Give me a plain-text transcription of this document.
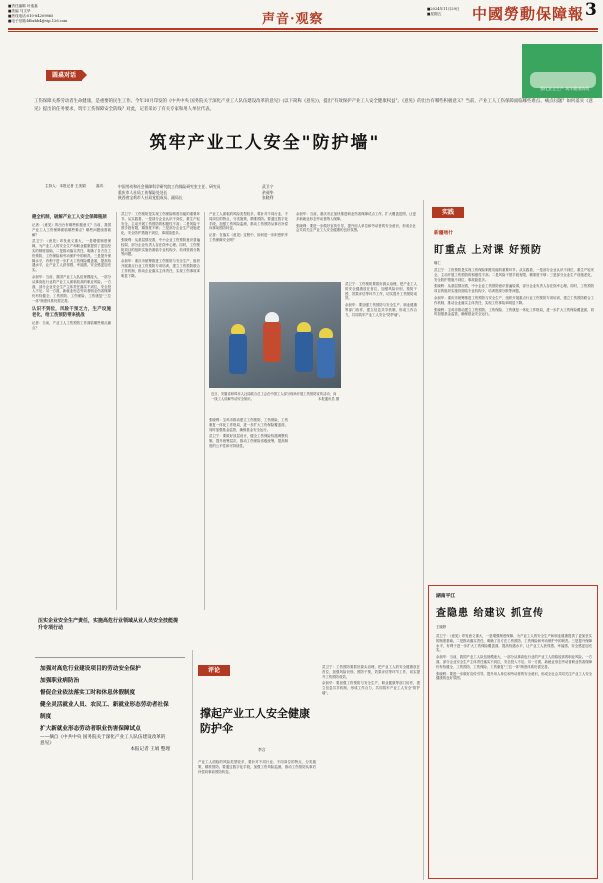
■责任编辑 叶逸嘉
■美编 马文华
■热线电话:010-84209865
■电子信箱:ldbzhb4@vip.126.com	声音·观察
■2024年11月29日
■星期五	中國勞動保障報 3
圆桌对话
强化安全生产 筑牢健康防线
工伤保障关系劳动者生命健康，是重要的民生工作。今年10月印发的《中共中央 国务院关于深化产业工人队伍建设改革的意见》(以下简称《意见》)，提出"有效保护产业工人安全健康权益"。《意见》的出台有哪些积极意义？当前，产业工人工伤保障面临哪些难点、痛点问题？如何落实《意见》提出的任务要求，筑牢工伤保障安全防线？对此，记者采访了有关专家和用人单位代表。
筑牢产业工人安全"防护墙"
主持人：本报记者 王美娟	嘉宾：	中国劳动和社会保障科学研究院工伤保险研究室主任、研究员
重庆市人社局工伤保险处处长
陕西省宝鸡市人社局党组成员、副局长
武卫宁
余昶华
张晓利
健全机制，破解产业工人安全保障瓶颈

记者：《意见》的出台有哪些积极意义？当前，我国产业工人工伤保障面临哪些难点？哪些问题亟需破解？

武卫宁：《意见》印发意义重大，一是增强制度保障，为产业工人的安全生产和职业健康提供了更加坚实的制度基础。二是推动落实责任，明确了各方在工伤预防、工伤保险和劳动保护中的职责。三是提升保障水平，有利于进一步扩大工伤保险覆盖面，提高待遇水平，让产业工人获得感、幸福感、安全感更加充实。

余昶华：当前，我国产业工人队伍规模庞大，一部分从事高危行业的产业工人面临较高的职业风险。一方面，部分企业安全生产主体责任落实不到位，安全投入不足；另一方面，新就业形态劳动者职业伤害保障仍有待健全，工伤预防、工伤保险、工伤康复"三位一体"制度体系仍需完善。

认识不到位，风险干预乏力，生产设施老化，给工伤预防带来挑战

记者：当前，产业工人工伤预防工作面临哪些难点痛点？

武卫宁：工伤预防是实现工伤保险制度功能的重要环节。从实践看，一是部分企业认识不到位，重生产轻安全，主动开展工伤预防的积极性不高；二是风险干预手段有限，精准度不够；三是部分企业生产设施老化，安全防护措施不到位，事故隐患多。

张晓利：从基层情况看，中小企业工伤预防意识普遍较弱，部分企业负责人存在侥幸心理。同时，工伤预防项目的组织实施仍面临专业机构少、培训资源分散等问题。

余昶华：重庆市统筹推进工伤预防与安全生产，组织开展重点行业工伤预防专项培训，建立工伤预防联合工作机制，推动企业落实主体责任，实现工伤事故率明显下降。

产业工人面临的风险类型较多，要针对不同行业、不同岗位的特点，分类施策，精准预防。要通过数字化手段，加强工伤风险监测，推动工伤预防从事后补偿向事前预防转变。

记者：在落实《意见》过程中，如何进一步织密织牢工伤保障安全网？

张晓利：宝鸡市推动建立工伤预防、工伤保险、工伤康复一体化工作格局，进一步扩大工伤保险覆盖面，同时加强基金监管，确保基金安全运行。

武卫宁：要做好顶层设计，健全工伤保险待遇调整机制，提升统筹层次，推动工伤保险省级统筹，提高制度的公平性和可持续性。

余昶华：当前，重庆市正加快推进职业伤害保障试点工作，扩大覆盖范围，让更多新就业形态劳动者纳入保障。

张晓利：要进一步做好宣传引导，提升用人单位和劳动者的安全意识，形成全社会共同关注产业工人安全健康的良好氛围。

武卫宁：工伤预防要抓好源头治理，把产业工人的安全健康放在首位，加强风险识别、预防干预、效果评估等环节工作，切实提升工伤预防成效。

余昶华：要加强工伤预防与安全生产、职业健康等部门协作，建立信息共享机制，形成工作合力，共同筑牢产业工人安全"防护墙"。

近日，安徽省蚌埠市人社局联合总工会在中国工人部分现场开展工伤预防宣传活动，向一线工人讲解劳动安全知识。	本报通讯员 摄
压实企业安全生产责任，实施高危行业领域从业人员安全技能提升专项行动
加强对高危行业建设项目的劳动安全保护
加强职业病防治
督促企业依法落实工时和休息休假制度
健全灵活就业人员、农民工、新就业形态劳动者社保制度
扩大新就业形态劳动者职业伤害保障试点
——摘自《中共中央 国务院关于深化产业工人队伍建设改革的意见》
本报记者 王娟 整理
评论
撑起产业工人安全健康防护伞
李言

产业工人面临的风险类型较多，要针对不同行业、不同岗位的特点，分类施策，精准预防。要通过数字化手段，加强工伤风险监测，推动工伤预防从事后补偿向事前预防转变。

武卫宁：工伤预防要抓好源头治理，把产业工人的安全健康放在首位，加强风险识别、预防干预、效果评估等环节工作，切实提升工伤预防成效。

余昶华：要加强工伤预防与安全生产、职业健康等部门协作，建立信息共享机制，形成工作合力，共同筑牢产业工人安全"防护墙"。

实践
新疆喀什
盯重点 上对课 好预防
喀仁

武卫宁：工伤预防是实现工伤保险制度功能的重要环节。从实践看，一是部分企业认识不到位，重生产轻安全，主动开展工伤预防的积极性不高；二是风险干预手段有限，精准度不够；三是部分企业生产设施老化，安全防护措施不到位，事故隐患多。

张晓利：从基层情况看，中小企业工伤预防意识普遍较弱，部分企业负责人存在侥幸心理。同时，工伤预防项目的组织实施仍面临专业机构少、培训资源分散等问题。

余昶华：重庆市统筹推进工伤预防与安全生产，组织开展重点行业工伤预防专项培训，建立工伤预防联合工作机制，推动企业落实主体责任，实现工伤事故率明显下降。

张晓利：宝鸡市推动建立工伤预防、工伤保险、工伤康复一体化工作格局，进一步扩大工伤保险覆盖面，同时加强基金监管，确保基金安全运行。

湖南平江
查隐患 给建议 抓宣传
王晓婷

武卫宁：《意见》印发意义重大，一是增强制度保障，为产业工人的安全生产和职业健康提供了更加坚实的制度基础。二是推动落实责任，明确了各方在工伤预防、工伤保险和劳动保护中的职责。三是提升保障水平，有利于进一步扩大工伤保险覆盖面，提高待遇水平，让产业工人获得感、幸福感、安全感更加充实。

余昶华：当前，我国产业工人队伍规模庞大，一部分从事高危行业的产业工人面临较高的职业风险。一方面，部分企业安全生产主体责任落实不到位，安全投入不足；另一方面，新就业形态劳动者职业伤害保障仍有待健全，工伤预防、工伤保险、工伤康复"三位一体"制度体系仍需完善。

张晓利：要进一步做好宣传引导，提升用人单位和劳动者的安全意识，形成全社会共同关注产业工人安全健康的良好氛围。
